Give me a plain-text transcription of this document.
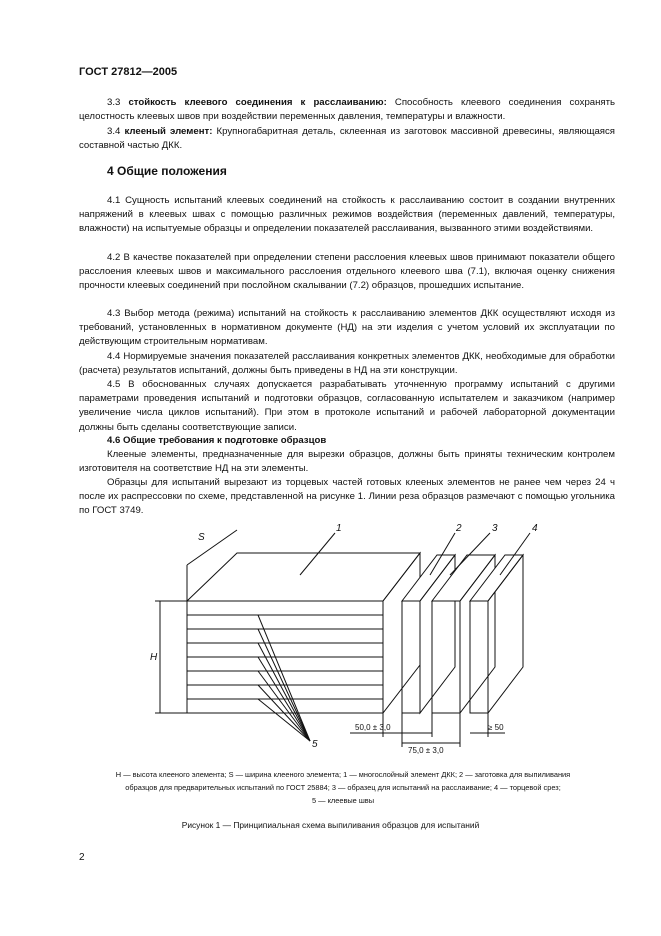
ГОСТ 27812—2005
3.3 стойкость клеевого соединения к расслаиванию: Способность клеевого соединения сохранять целостность клеевых швов при воздействии переменных давления, температуры и влажности.
3.4 клееный элемент: Крупногабаритная деталь, склеенная из заготовок массивной древесины, являющаяся составной частью ДКК.
4 Общие положения
4.1 Сущность испытаний клеевых соединений на стойкость к расслаиванию состоит в создании внутренних напряжений в клеевых швах с помощью различных режимов воздействия (переменных давлений, температуры, влажности) на испытуемые образцы и определении показателей расслаивания, вызванного этими воздействиями.
4.2 В качестве показателей при определении степени расслоения клеевых швов принимают показатели общего расслоения клеевых швов и максимального расслоения отдельного клеевого шва (7.1), включая оценку снижения прочности клеевых соединений при послойном скалывании (7.2) образцов, прошедших испытание.
4.3 Выбор метода (режима) испытаний на стойкость к расслаиванию элементов ДКК осуществляют исходя из требований, установленных в нормативном документе (НД) на эти изделия с учетом условий их эксплуатации по действующим строительным нормативам.
4.4 Нормируемые значения показателей расслаивания конкретных элементов ДКК, необходимые для обработки (расчета) результатов испытаний, должны быть приведены в НД на эти конструкции.
4.5 В обоснованных случаях допускается разрабатывать уточненную программу испытаний с другими параметрами проведения испытаний и подготовки образцов, согласованную испытателем и заказчиком (например увеличение числа циклов испытаний). При этом в протоколе испытаний и рабочей лабораторной документации должны быть сделаны соответствующие записи.
4.6 Общие требования к подготовке образцов
Клееные элементы, предназначенные для вырезки образцов, должны быть приняты техническим контролем изготовителя на соответствие НД на эти элементы.
Образцы для испытаний вырезают из торцевых частей готовых клееных элементов не ранее чем через 24 ч после их распрессовки по схеме, представленной на рисунке 1. Линии реза образцов размечают с помощью угольника по ГОСТ 3749.
S
H
1	2	3	4
5
50,0 ± 3,0
75,0 ± 3,0
≥ 50
H — высота клееного элемента; S — ширина клееного элемента; 1 — многослойный элемент ДКК; 2 — заготовка для выпиливания
образцов для предварительных испытаний по ГОСТ 25884; 3 — образец для испытаний на расслаивание; 4 — торцевой срез;
5 — клеевые швы
Рисунок 1 — Принципиальная схема выпиливания образцов для испытаний
2
